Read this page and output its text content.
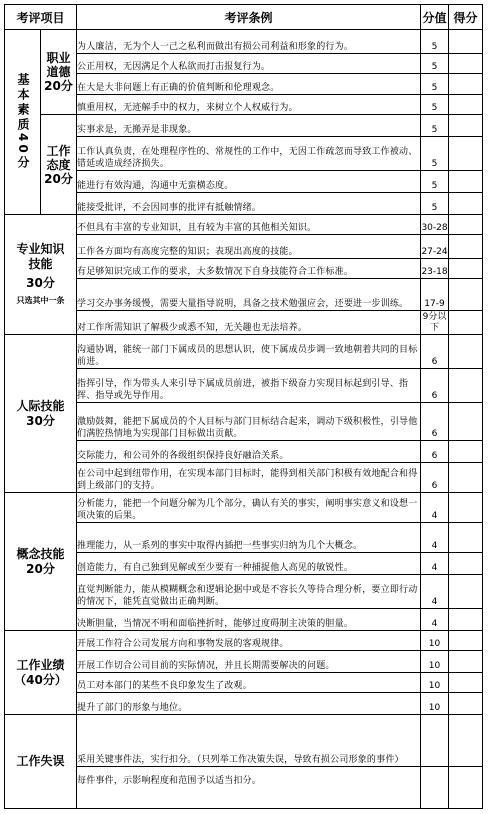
考评项目		考评条例	分值	得分

基本素质40分	职业道德20分	为人廉洁，无为个人一己之私利而做出有损公司利益和形象的行为。	5	
		公正用权，无因满足个人私欲而打击报复行为。	5	
		在大是大非问题上有正确的价值判断和伦理观念。	5	
		慎重用权，无迹解手中的权力，来树立个人权威行为。	5	
	工作态度20分	实事求是，无搬弄是非现象。	5	
		工作认真负责，在处理程序性的、常规性的工作中，无因工作疏忽而导致工作被动、错延或造成经济损失。	5	
		能进行有效沟通，沟通中无蛮横态度。	5	
		能接受批评，不会因同事的批评有抵触情绪。	5	

专业知识技能
30分
只选其中一条		不但具有丰富的专业知识，且有较为丰富的其他相关知识。	30-28	
		工作各方面均有高度完整的知识；表现出高度的技能。	27-24	
		有足够知识完成工作的要求，大多数情况下自身技能符合工作标准。	23-18	
		学习交办事务缓慢，需要大量指导说明，具备之技术勉强应会，还要进一步训练。	17-9	
		对工作所需知识了解极少或悉不知，无关趣也无法培养。	9分以下	

人际技能
30分		沟通协调，能统一部门下属成员的思想认识，使下属成员步调一致地朝着共同的目标前进。	6	
		指挥引导，作为带头人来引导下属成员前进，被指下级奋力实现目标起到引导、指挥、指导或先导作用。	6	
		激励鼓舞，能把下属成员的个人目标与部门目标结合起来，调动下级积极性，引导他们满腔热情地为实现部门目标做出贡献。	6	
		交际能力，和公司外的各级组织保持良好融洽关系。	6	
		在公司中起到纽带作用，在实现本部门目标时，能得到相关部门积极有效地配合和得到上级部门的支持。	6	

概念技能
20分		分析能力，能把一个问题分解为几个部分，确认有关的事实，阐明事实意义和设想一项决策的后果。	4	
		推理能力，从一系列的事实中取得内插把一些事实归纳为几个大概念。	4	
		创造能力，有自己独到见解或至少要有一种捕捉他人高见的敏锐性。	4	
		直觉判断能力，能从模糊概念和逻辑论据中或是不容长久等待合理分析，要立即行动的情况下，能凭直觉做出正确判断。	4	
		决断胆量，当情况不明和面临挫折时，能够过度碍制主决策的胆量。	4	

工作业绩
（40分）		开展工作符合公司发展方向和事物发展的客观规律。	10	
		开展工作切合公司目前的实际情况，并且长期需要解决的问题。	10	
		员工对本部门的某些不良印象发生了改观。	10	
		提升了部门的形象与地位。	10	
工作失误		采用关键事件法，实行扣分。（只列举工作决策失误，导致有损公司形象的事件）		
		每件事件，示影响程度和范围予以适当扣分。		
